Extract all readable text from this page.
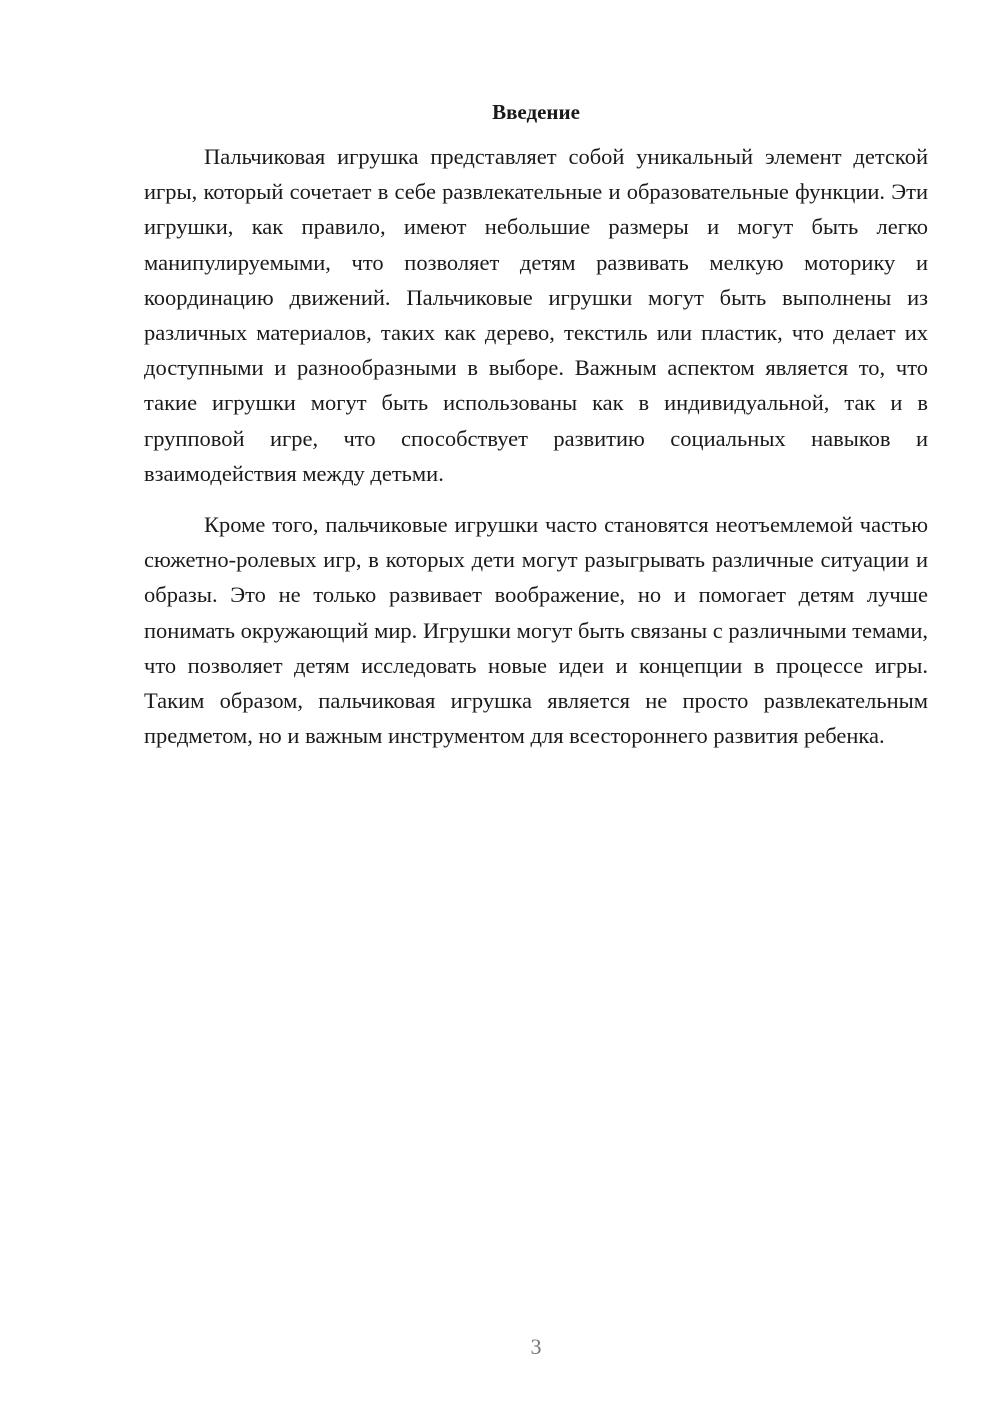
Введение

Пальчиковая игрушка представляет собой уникальный элемент детской игры, который сочетает в себе развлекательные и образовательные функции. Эти игрушки, как правило, имеют небольшие размеры и могут быть легко манипулируемыми, что позволяет детям развивать мелкую моторику и координацию движений. Пальчиковые игрушки могут быть выполнены из различных материалов, таких как дерево, текстиль или пластик, что делает их доступными и разнообразными в выборе. Важным аспектом является то, что такие игрушки могут быть использованы как в индивидуальной, так и в групповой игре, что способствует развитию социальных навыков и взаимодействия между детьми.

Кроме того, пальчиковые игрушки часто становятся неотъемлемой частью сюжетно-ролевых игр, в которых дети могут разыгрывать различные ситуации и образы. Это не только развивает воображение, но и помогает детям лучше понимать окружающий мир. Игрушки могут быть связаны с различными темами, что позволяет детям исследовать новые идеи и концепции в процессе игры. Таким образом, пальчиковая игрушка является не просто развлекательным предметом, но и важным инструментом для всестороннего развития ребенка.

3
